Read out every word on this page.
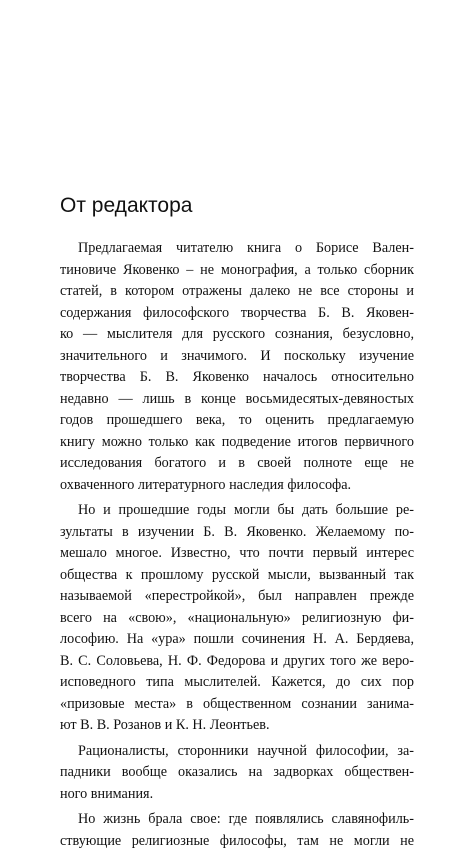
От редактора
Предлагаемая читателю книга о Борисе Вален-
тиновиче Яковенко – не монография, а только сборник
статей, в котором отражены далеко не все стороны и
содержания философского творчества Б. В. Яковен-
ко — мыслителя для русского сознания, безусловно,
значительного и значимого. И поскольку изучение
творчества Б. В. Яковенко началось относительно
недавно — лишь в конце восьмидесятых-девяностых
годов прошедшего века, то оценить предлагаемую
книгу можно только как подведение итогов первичного
исследования богатого и в своей полноте еще не
охваченного литературного наследия философа.
Но и прошедшие годы могли бы дать большие ре-
зультаты в изучении Б. В. Яковенко. Желаемому по-
мешало многое. Известно, что почти первый интерес
общества к прошлому русской мысли, вызванный так
называемой «перестройкой», был направлен прежде
всего на «свою», «национальную» религиозную фи-
лософию. На «ура» пошли сочинения Н. А. Бердяева,
В. С. Соловьева, Н. Ф. Федорова и других того же веро-
исповедного типа мыслителей. Кажется, до сих пор
«призовые места» в общественном сознании занима-
ют В. В. Розанов и К. Н. Леонтьев.
Рационалисты, сторонники научной философии, за-
падники вообще оказались на задворках обществен-
ного внимания.
Но жизнь брала свое: где появлялись славянофиль-
ствующие религиозные философы, там не могли не
